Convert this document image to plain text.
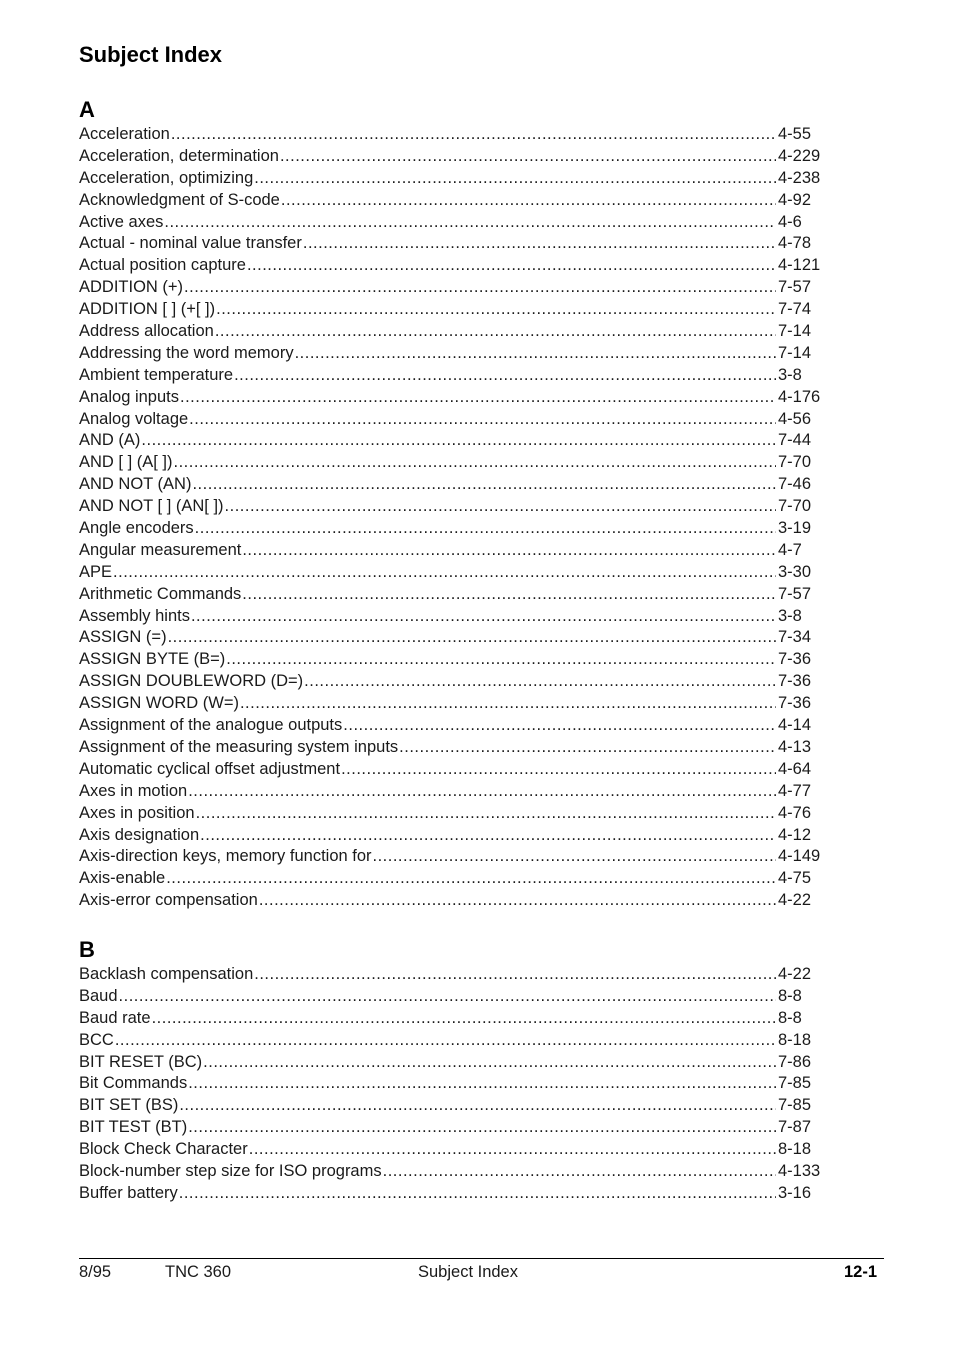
Subject Index
A
Acceleration .....	4-55
Acceleration, determination .....	4-229
Acceleration, optimizing .....	4-238
Acknowledgment of S-code .....	4-92
Active axes .....	4-6
Actual - nominal value transfer .....	4-78
Actual position capture .....	4-121
ADDITION (+) .....	7-57
ADDITION [ ] (+[ ]) .....	7-74
Address allocation .....	7-14
Addressing the word memory .....	7-14
Ambient temperature .....	3-8
Analog inputs .....	4-176
Analog voltage .....	4-56
AND (A) .....	7-44
AND [ ] (A[ ]) .....	7-70
AND NOT (AN) .....	7-46
AND NOT [ ] (AN[ ]) .....	7-70
Angle encoders .....	3-19
Angular measurement .....	4-7
APE .....	3-30
Arithmetic Commands .....	7-57
Assembly hints .....	3-8
ASSIGN (=) .....	7-34
ASSIGN BYTE (B=) .....	7-36
ASSIGN DOUBLEWORD (D=) .....	7-36
ASSIGN WORD (W=) .....	7-36
Assignment of the analogue outputs .....	4-14
Assignment of the measuring system inputs .....	4-13
Automatic cyclical offset adjustment .....	4-64
Axes in motion .....	4-77
Axes in position .....	4-76
Axis designation .....	4-12
Axis-direction keys, memory function for .....	4-149
Axis-enable .....	4-75
Axis-error compensation .....	4-22
B
Backlash compensation .....	4-22
Baud .....	8-8
Baud rate .....	8-8
BCC .....	8-18
BIT RESET (BC) .....	7-86
Bit Commands .....	7-85
BIT SET (BS) .....	7-85
BIT TEST (BT) .....	7-87
Block Check Character .....	8-18
Block-number step size for ISO programs .....	4-133
Buffer battery .....	3-16
8/95	TNC 360	Subject Index	12-1
